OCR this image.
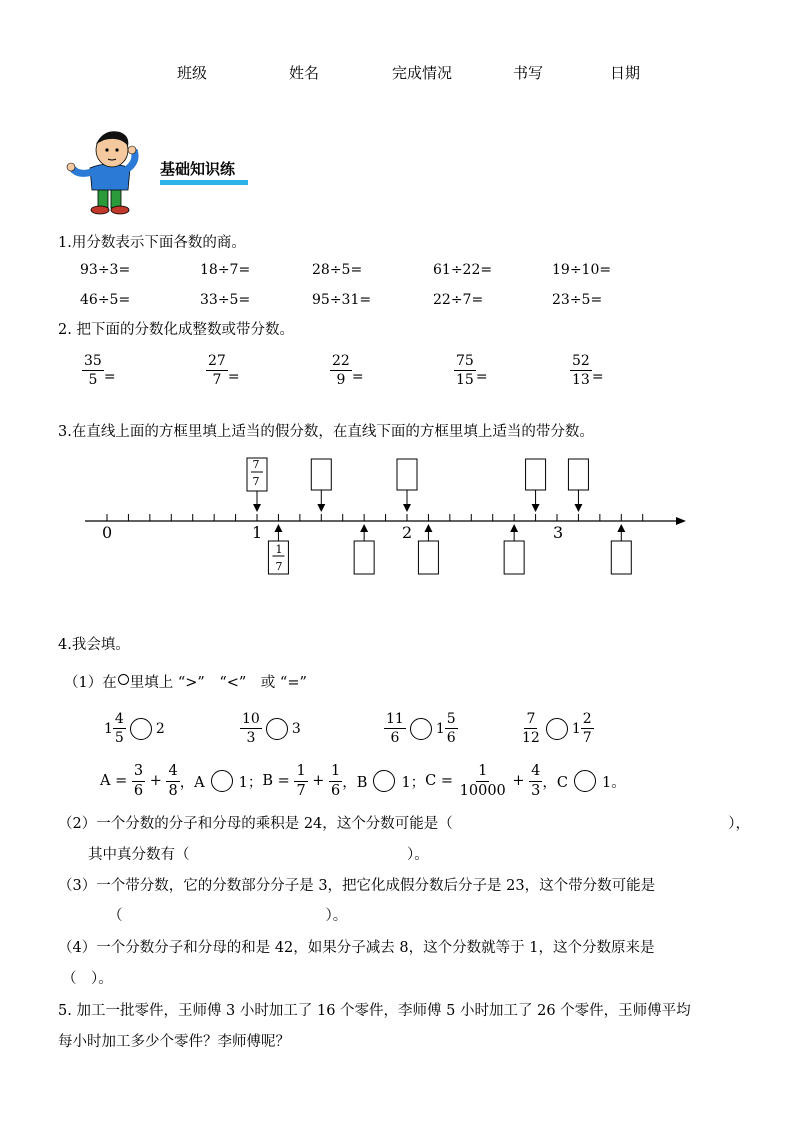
班级	姓名	完成情况	书写	日期
基础知识练
1.用分数表示下面各数的商。
93÷3=	18÷7=	28÷5=	61÷22=	19÷10=
46÷5=	33÷5=	95÷31=	22÷7=	23÷5=
2. 把下面的分数化成整数或带分数。
$\frac{35}{5}$ =	$\frac{27}{7}$ =	$\frac{22}{9}$ =	$\frac{75}{15}$ =	$\frac{52}{13}$ =
3.在直线上面的方框里填上适当的假分数，在直线下面的方框里填上适当的带分数。
0	1	2	3
7
7
1
7
4.我会填。
（1）在 里填上 “>”　“<”　或 “=”
$1 \frac{4}{5} 2$	$\frac{10}{3} 3$	$\frac{11}{6} 1 \frac{5}{6}$	$\frac{7}{12} 1 \frac{2}{7}$
A =
$\frac{3}{6}$
+
$\frac{4}{8}$ ，A 1； B =
$\frac{1}{7}$
+
$\frac{1}{6}$ ，B 1； C =
$\frac{1}{10000}$
+
$\frac{4}{3}$ ，C 1。
（2）一个分数的分子和分母的乘积是 24，这个分数可能是（　　　　　　　　　　　　　　　　　　　），
其中真分数有（　　　　　　　　　　　　　　　）。
（3）一个带分数，它的分数部分分子是 3，把它化成假分数后分子是 23，这个带分数可能是
（　　　　　　　　　　　　　　）。
（4）一个分数分子和分母的和是 42，如果分子减去 8，这个分数就等于 1，这个分数原来是
（　）。
5. 加工一批零件，王师傅 3 小时加工了 16 个零件，李师傅 5 小时加工了 26 个零件，王师傅平均
每小时加工多少个零件？李师傅呢？
